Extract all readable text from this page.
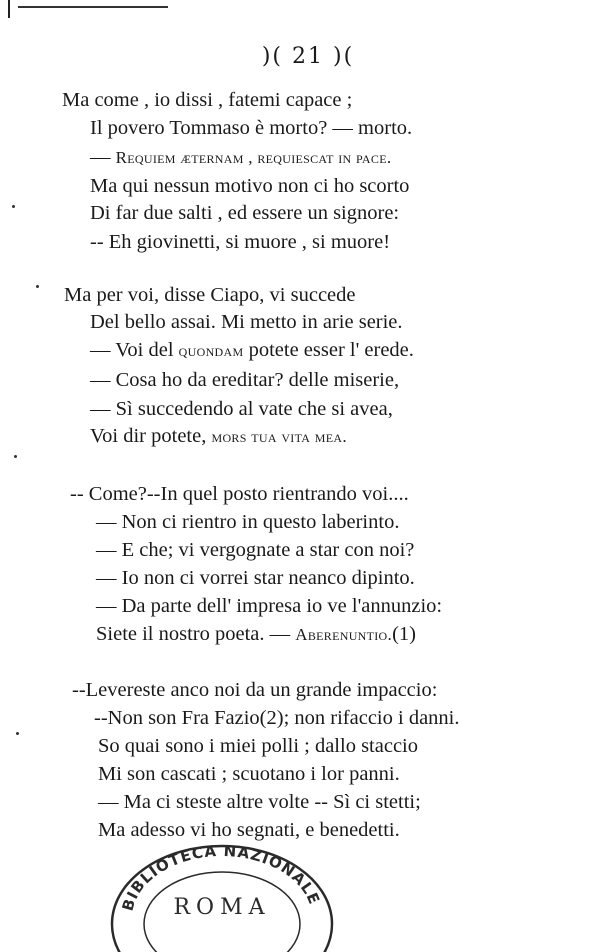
)( 21 )(
Ma come , io dissi , fatemi capace ;
Il povero Tommaso è morto? — morto.
— Requiem æternam , requiescat in pace.
Ma qui nessun motivo non ci ho scorto
Di far due salti , ed essere un signore:
-- Eh giovinetti, si muore , si muore!
Ma per voi, disse Ciapo, vi succede
Del bello assai. Mi metto in arie serie.
— Voi del quondam potete esser l' erede.
— Cosa ho da ereditar? delle miserie,
— Sì succedendo al vate che si avea,
Voi dir potete, mors tua vita mea.
-- Come?--In quel posto rientrando voi....
— Non ci rientro in questo laberinto.
— E che; vi vergognate a star con noi?
— Io non ci vorrei star neanco dipinto.
— Da parte dell' impresa io ve l'annunzio:
Siete il nostro poeta. — Aberenuntio.(1)
--Levereste anco noi da un grande impaccio:
--Non son Fra Fazio(2); non rifaccio i danni.
So quai sono i miei polli ; dallo staccio
Mi son cascati ; scuotano i lor panni.
— Ma ci steste altre volte -- Sì ci stetti;
Ma adesso vi ho segnati, e benedetti.
BIBLIOTECA NAZIONALE
ROMA
